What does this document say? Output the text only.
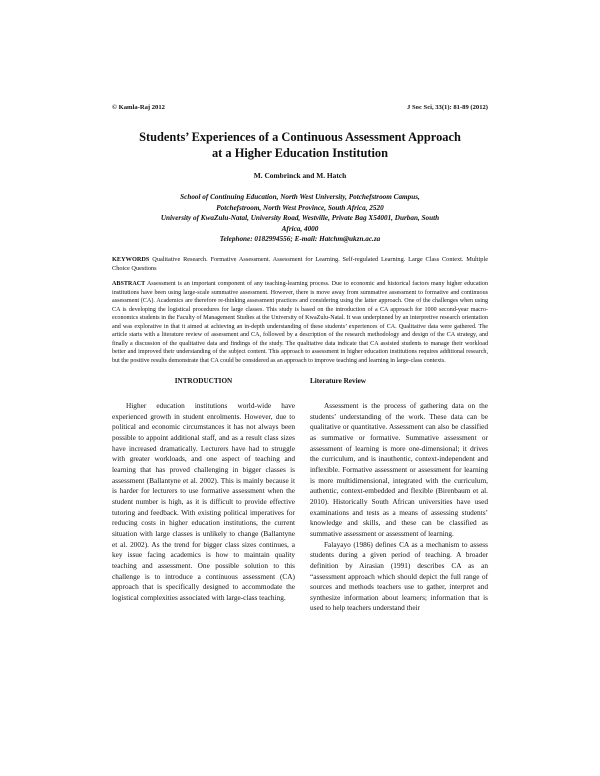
© Kamla-Raj 2012	J Soc Sci, 33(1): 81-89 (2012)
Students’ Experiences of a Continuous Assessment Approach
at a Higher Education Institution
M. Combrinck and M. Hatch
School of Continuing Education, North West University, Potchefstroom Campus,
Potchefstroom, North West Province, South Africa, 2520
University of KwaZulu-Natal, University Road, Westville, Private Bag X54001, Durban, South
Africa, 4000
Telephone: 0182994556; E-mail: Hatchm@ukzn.ac.za
KEYWORDS Qualitative Research. Formative Assessment. Assessment for Learning. Self-regulated Learning. Large Class Context. Multiple Choice Questions
ABSTRACT Assessment is an important component of any teaching-learning process. Due to economic and historical factors many higher education institutions have been using large-scale summative assessment. However, there is move away from summative assessment to formative and continuous assessment (CA). Academics are therefore re-thinking assessment practices and considering using the latter approach. One of the challenges when using CA is developing the logistical procedures for large classes. This study is based on the introduction of a CA approach for 1000 second-year macro-economics students in the Faculty of Management Studies at the University of KwaZulu-Natal. It was underpinned by an interpretive research orientation and was explorative in that it aimed at achieving an in-depth understanding of these students’ experiences of CA. Qualitative data were gathered. The article starts with a literature review of assessment and CA, followed by a description of the research methodology and design of the CA strategy, and finally a discussion of the qualitative data and findings of the study. The qualitative data indicate that CA assisted students to manage their workload better and improved their understanding of the subject content. This approach to assessment in higher education institutions requires additional research, but the positive results demonstrate that CA could be considered as an approach to improve teaching and learning in large-class contexts.
INTRODUCTION

Higher education institutions world-wide have experienced growth in student enrolments. However, due to political and economic circumstances it has not always been possible to appoint additional staff, and as a result class sizes have increased dramatically. Lecturers have had to struggle with greater workloads, and one aspect of teaching and learning that has proved challenging in bigger classes is assessment (Ballantyne et al. 2002). This is mainly because it is harder for lecturers to use formative assessment when the student number is high, as it is difficult to provide effective tutoring and feedback. With existing political imperatives for reducing costs in higher education institutions, the current situation with large classes is unlikely to change (Ballantyne et al. 2002). As the trend for bigger class sizes continues, a key issue facing academics is how to maintain quality teaching and assessment. One possible solution to this challenge is to introduce a continuous assessment (CA) approach that is specifically designed to accommodate the logistical complexities associated with large-class teaching.

Literature Review

Assessment is the process of gathering data on the students’ understanding of the work. These data can be qualitative or quantitative. Assessment can also be classified as summative or formative. Summative assessment or assessment of learning is more one-dimensional; it drives the curriculum, and is inauthentic, context-independent and inflexible. Formative assessment or assessment for learning is more multidimensional, integrated with the curriculum, authentic, context-embedded and flexible (Birenbaum et al. 2010). Historically South African universities have used examinations and tests as a means of assessing students’ knowledge and skills, and these can be classified as summative assessment or assessment of learning.

Falayayo (1986) defines CA as a mechanism to assess students during a given period of teaching. A broader definition by Airasian (1991) describes CA as an “assessment approach which should depict the full range of sources and methods teachers use to gather, interpret and synthesize information about learners; information that is used to help teachers understand their
